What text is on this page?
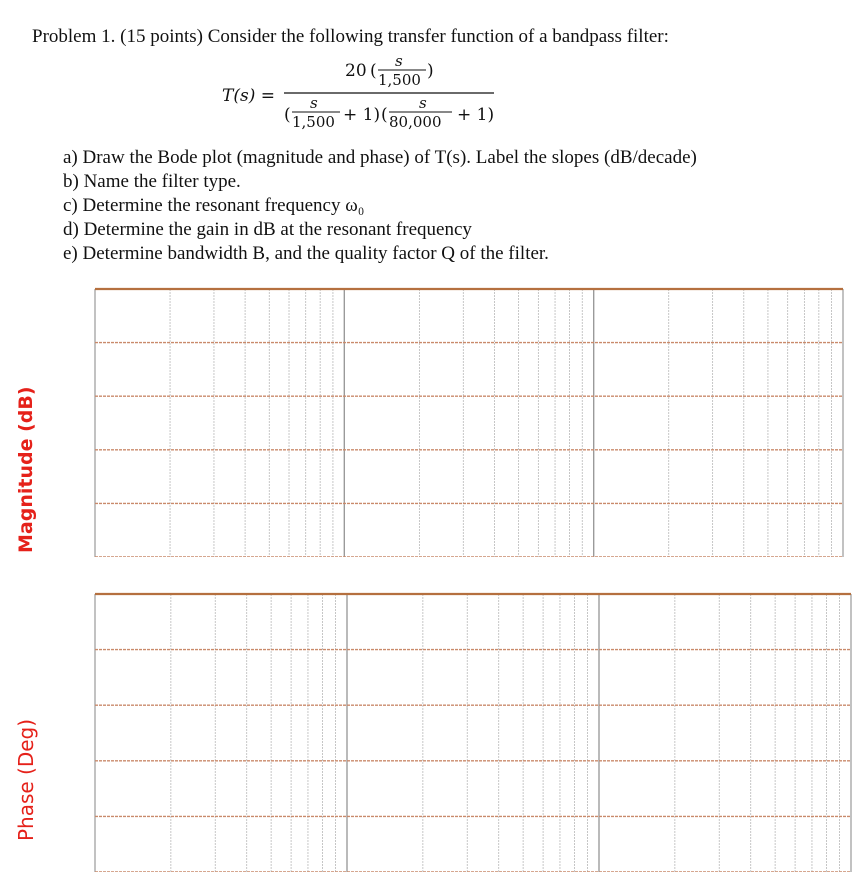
Problem 1. (15 points) Consider the following transfer function of a bandpass filter:
T(s) =
20 ( s
1,500 )
(
s
1,500 + 1) (
s
80,000 + 1)
a) Draw the Bode plot (magnitude and phase) of T(s). Label the slopes (dB/decade)
b) Name the filter type.
c) Determine the resonant frequency ω₀
d) Determine the gain in dB at the resonant frequency
e) Determine bandwidth B, and the quality factor Q of the filter.
Magnitude (dB)
Phase (Deg)
